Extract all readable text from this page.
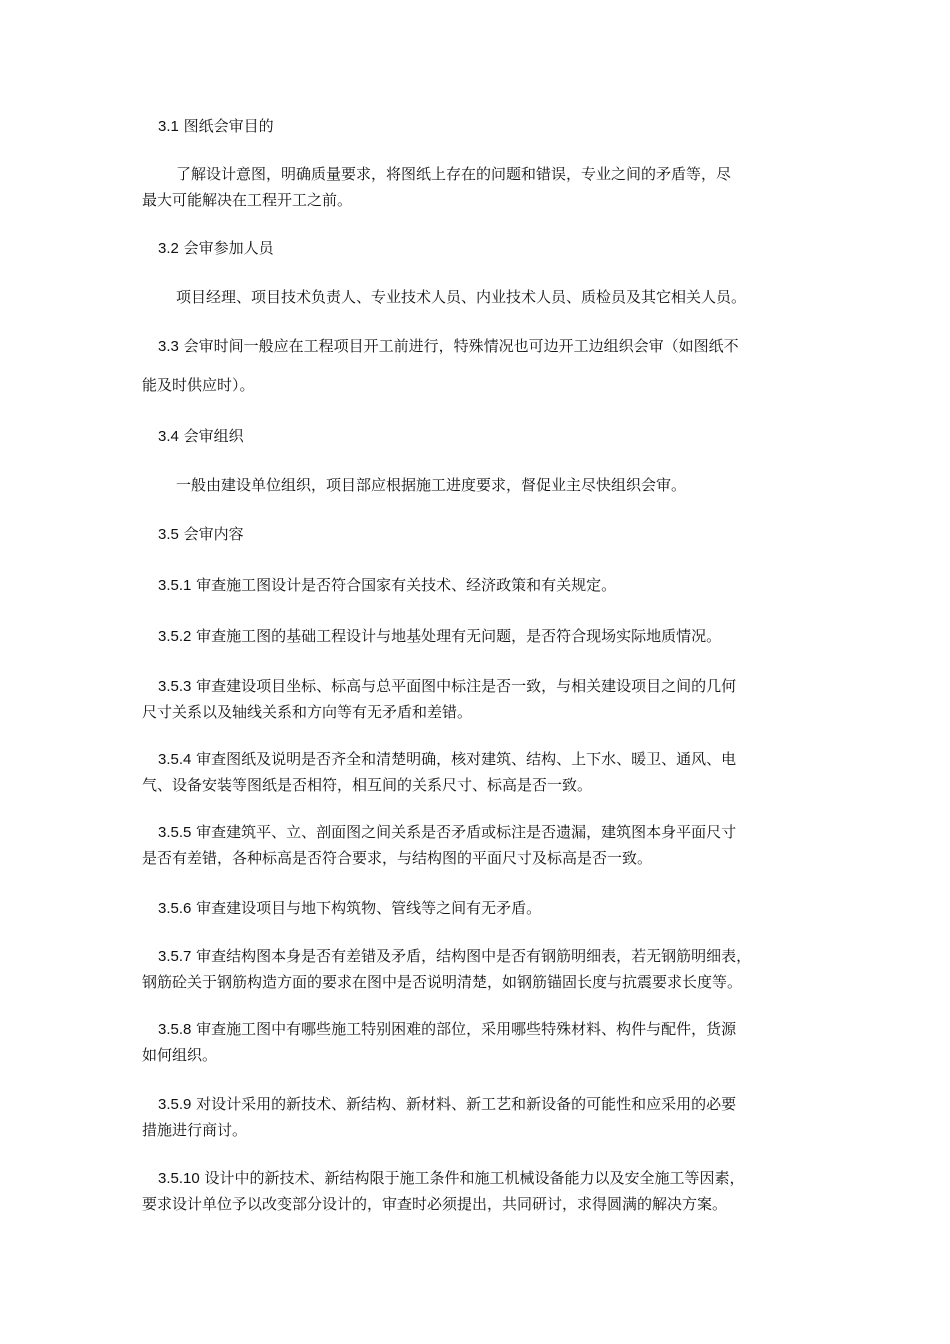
3.1 图纸会审目的
了解设计意图，明确质量要求，将图纸上存在的问题和错误，专业之间的矛盾等，尽
最大可能解决在工程开工之前。
3.2 会审参加人员
项目经理、项目技术负责人、专业技术人员、内业技术人员、质检员及其它相关人员。
3.3 会审时间一般应在工程项目开工前进行，特殊情况也可边开工边组织会审（如图纸不
能及时供应时）。
3.4 会审组织
一般由建设单位组织，项目部应根据施工进度要求，督促业主尽快组织会审。
3.5 会审内容
3.5.1 审查施工图设计是否符合国家有关技术、经济政策和有关规定。
3.5.2 审查施工图的基础工程设计与地基处理有无问题，是否符合现场实际地质情况。
3.5.3 审查建设项目坐标、标高与总平面图中标注是否一致，与相关建设项目之间的几何
尺寸关系以及轴线关系和方向等有无矛盾和差错。
3.5.4 审查图纸及说明是否齐全和清楚明确，核对建筑、结构、上下水、暖卫、通风、电
气、设备安装等图纸是否相符，相互间的关系尺寸、标高是否一致。
3.5.5 审查建筑平、立、剖面图之间关系是否矛盾或标注是否遗漏，建筑图本身平面尺寸
是否有差错，各种标高是否符合要求，与结构图的平面尺寸及标高是否一致。
3.5.6 审查建设项目与地下构筑物、管线等之间有无矛盾。
3.5.7 审查结构图本身是否有差错及矛盾，结构图中是否有钢筋明细表，若无钢筋明细表，
钢筋砼关于钢筋构造方面的要求在图中是否说明清楚，如钢筋锚固长度与抗震要求长度等。
3.5.8 审查施工图中有哪些施工特别困难的部位，采用哪些特殊材料、构件与配件，货源
如何组织。
3.5.9 对设计采用的新技术、新结构、新材料、新工艺和新设备的可能性和应采用的必要
措施进行商讨。
3.5.10 设计中的新技术、新结构限于施工条件和施工机械设备能力以及安全施工等因素，
要求设计单位予以改变部分设计的，审查时必须提出，共同研讨，求得圆满的解决方案。
